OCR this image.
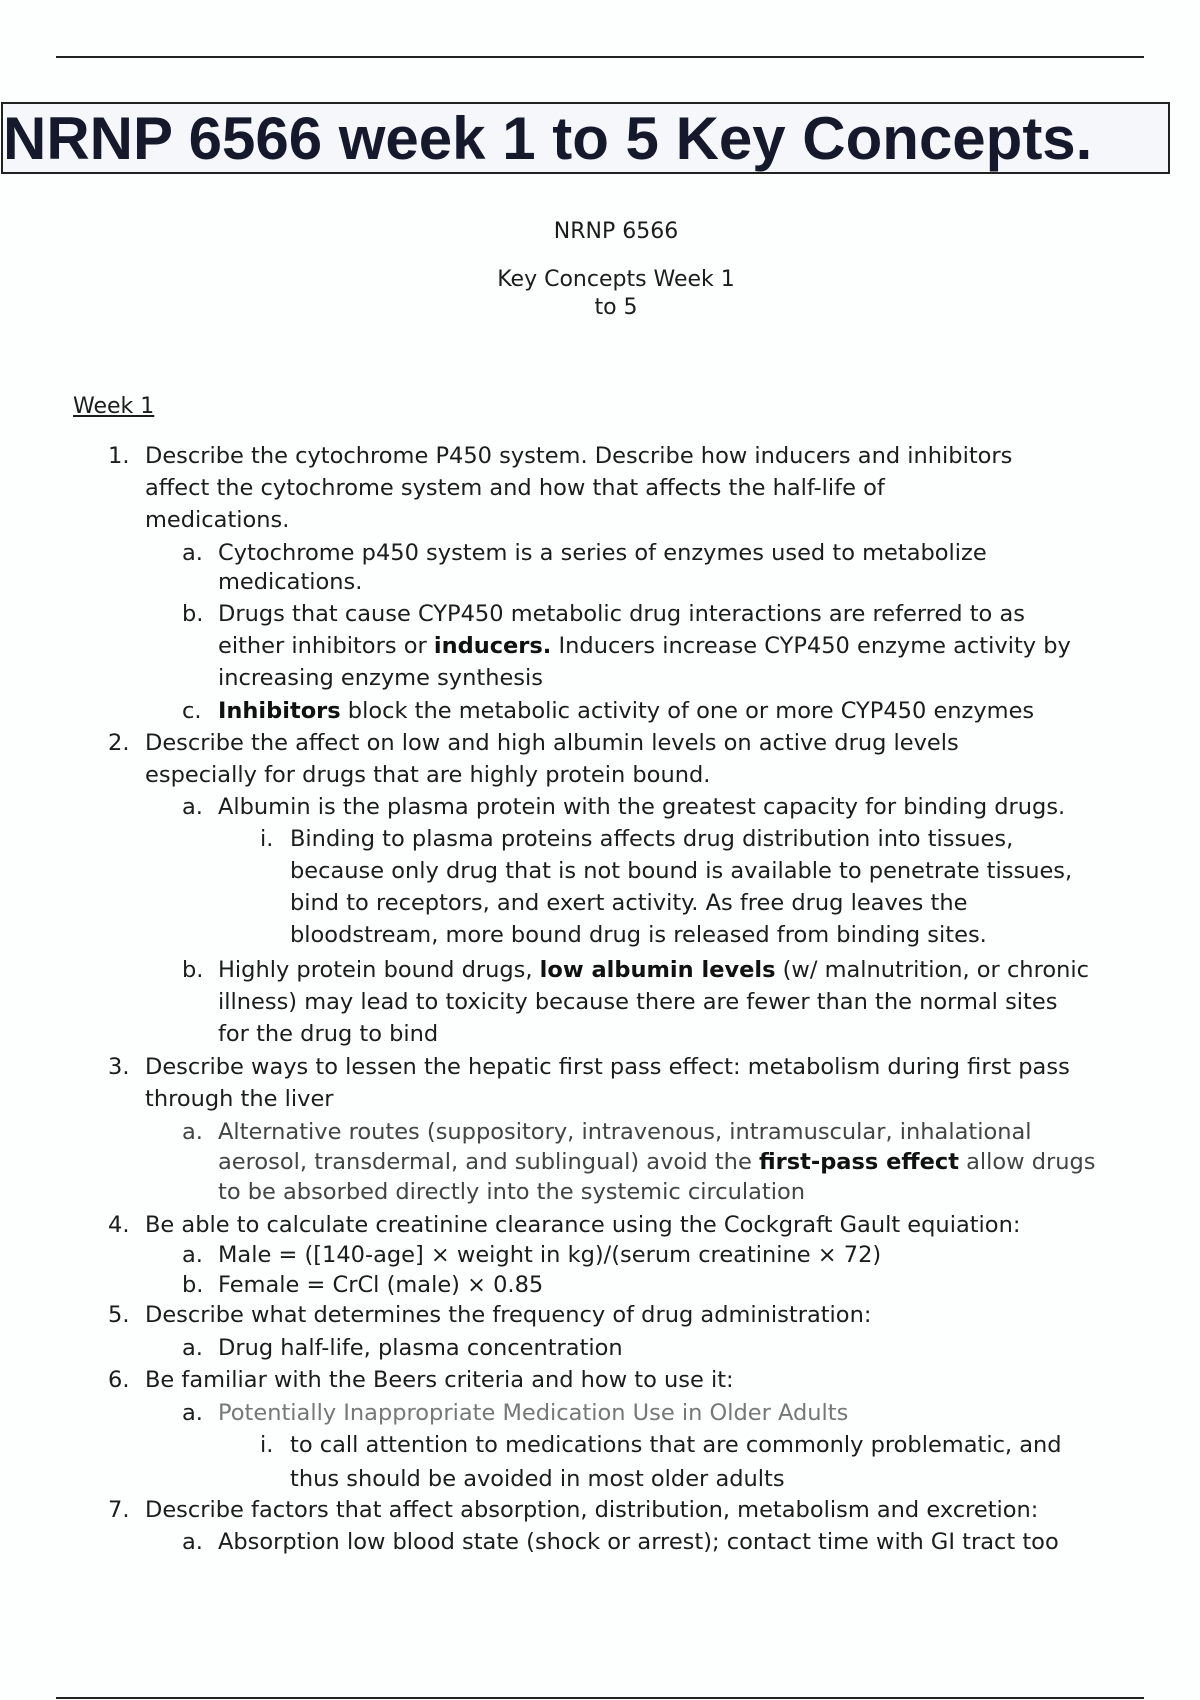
NRNP 6566 week 1 to 5 Key Concepts.
NRNP 6566
Key Concepts Week 1
to 5
Week 1
1. Describe the cytochrome P450 system. Describe how inducers and inhibitors
affect the cytochrome system and how that affects the half-life of
medications.
a. Cytochrome p450 system is a series of enzymes used to metabolize
medications.
b. Drugs that cause CYP450 metabolic drug interactions are referred to as
either inhibitors or inducers. Inducers increase CYP450 enzyme activity by
increasing enzyme synthesis
c. Inhibitors block the metabolic activity of one or more CYP450 enzymes
2. Describe the affect on low and high albumin levels on active drug levels
especially for drugs that are highly protein bound.
a. Albumin is the plasma protein with the greatest capacity for binding drugs.
i. Binding to plasma proteins affects drug distribution into tissues,
because only drug that is not bound is available to penetrate tissues,
bind to receptors, and exert activity. As free drug leaves the
bloodstream, more bound drug is released from binding sites.
b. Highly protein bound drugs, low albumin levels (w/ malnutrition, or chronic
illness) may lead to toxicity because there are fewer than the normal sites
for the drug to bind
3. Describe ways to lessen the hepatic first pass effect: metabolism during first pass
through the liver
a. Alternative routes (suppository, intravenous, intramuscular, inhalational
aerosol, transdermal, and sublingual) avoid the first-pass effect allow drugs
to be absorbed directly into the systemic circulation
4. Be able to calculate creatinine clearance using the Cockgraft Gault equiation:
a. Male = ([140-age] × weight in kg)/(serum creatinine × 72)
b. Female = CrCl (male) × 0.85
5. Describe what determines the frequency of drug administration:
a. Drug half-life, plasma concentration
6. Be familiar with the Beers criteria and how to use it:
a. Potentially Inappropriate Medication Use in Older Adults
i. to call attention to medications that are commonly problematic, and
thus should be avoided in most older adults
7. Describe factors that affect absorption, distribution, metabolism and excretion:
a. Absorption low blood state (shock or arrest); contact time with GI tract too
